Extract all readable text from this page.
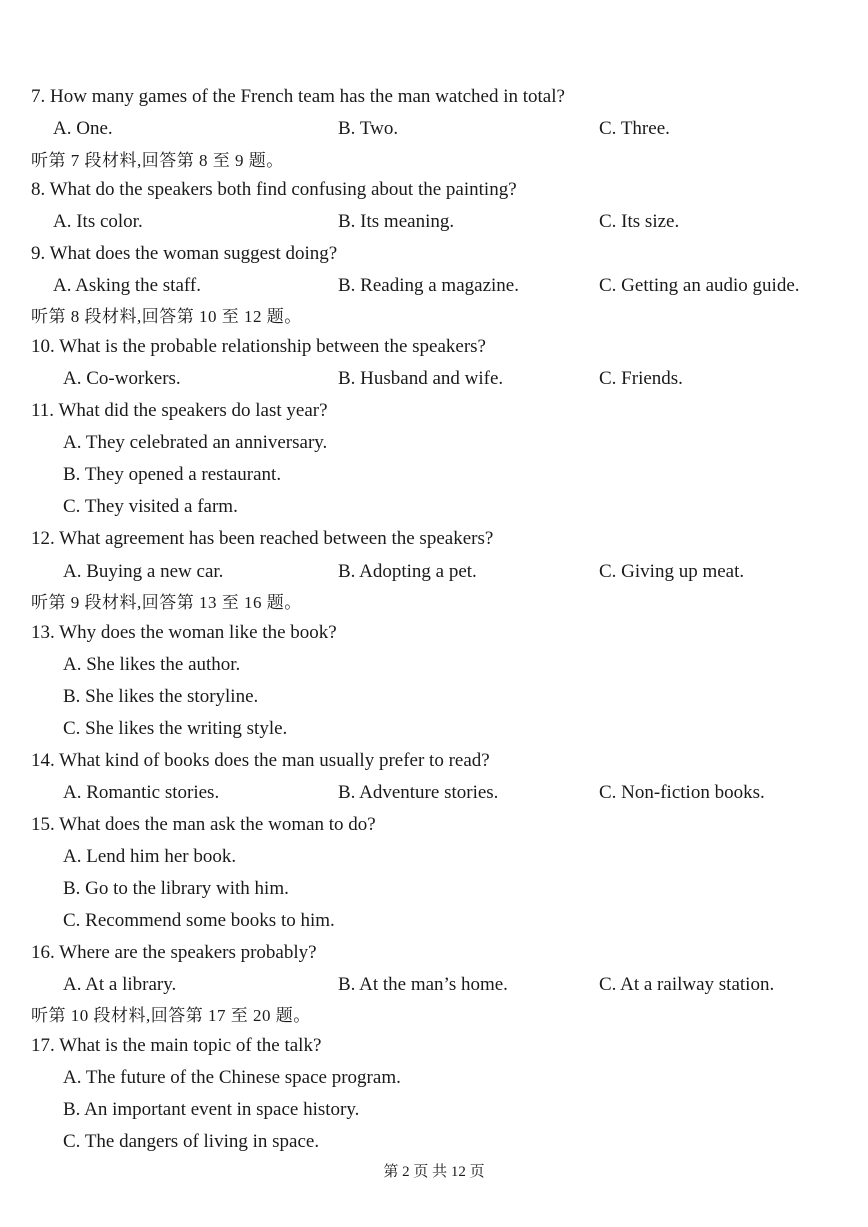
7. How many games of the French team has the man watched in total?
A. One.	B. Two.	C. Three.
听第 7 段材料,回答第 8 至 9 题。
8. What do the speakers both find confusing about the painting?
A. Its color.	B. Its meaning.	C. Its size.
9. What does the woman suggest doing?
A. Asking the staff.	B. Reading a magazine.	C. Getting an audio guide.
听第 8 段材料,回答第 10 至 12 题。
10. What is the probable relationship between the speakers?
A. Co-workers.	B. Husband and wife.	C. Friends.
11. What did the speakers do last year?
A. They celebrated an anniversary.
B. They opened a restaurant.
C. They visited a farm.
12. What agreement has been reached between the speakers?
A. Buying a new car.	B. Adopting a pet.	C. Giving up meat.
听第 9 段材料,回答第 13 至 16 题。
13. Why does the woman like the book?
A. She likes the author.
B. She likes the storyline.
C. She likes the writing style.
14. What kind of books does the man usually prefer to read?
A. Romantic stories.	B. Adventure stories.	C. Non-fiction books.
15. What does the man ask the woman to do?
A. Lend him her book.
B. Go to the library with him.
C. Recommend some books to him.
16. Where are the speakers probably?
A. At a library.	B. At the man’s home.	C. At a railway station.
听第 10 段材料,回答第 17 至 20 题。
17. What is the main topic of the talk?
A. The future of the Chinese space program.
B. An important event in space history.
C. The dangers of living in space.
第 2 页 共 12 页
